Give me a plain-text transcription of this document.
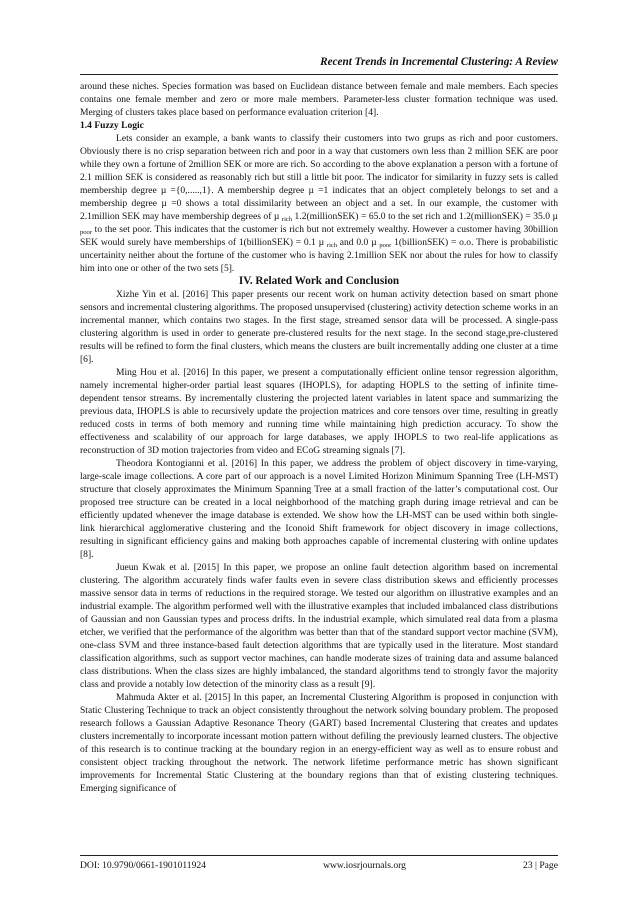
Recent Trends in Incremental Clustering: A Review

around these niches. Species formation was based on Euclidean distance between female and male members. Each species contains one female member and zero or more male members. Parameter-less cluster formation technique was used. Merging of clusters takes place based on performance evaluation criterion [4].

1.4 Fuzzy Logic

Lets consider an example, a bank wants to classify their customers into two grups as rich and poor customers. Obviously there is no crisp separation between rich and poor in a way that customers own less than 2 million SEK are poor while they own a fortune of 2million SEK or more are rich. So according to the above explanation a person with a fortune of 2.1 million SEK is considered as reasonably rich but still a little bit poor. The indicator for similarity in fuzzy sets is called membership degree µ ={0,.....,1}. A membership degree µ =1 indicates that an object completely belongs to set and a membership degree µ =0 shows a total dissimilarity between an object and a set. In our example, the customer with 2.1million SEK may have membership degrees of µ $_{rich}$ 1.2(millionSEK) = 65.0 to the set rich and 1.2(millionSEK) = 35.0 µ $_{poor}$ to the set poor. This indicates that the customer is rich but not extremely wealthy. However a customer having 30billion SEK would surely have memberships of 1(billionSEK) = 0.1 µ $_{rich}$ and 0.0 µ $_{poor}$ 1(billionSEK) = o.o. There is probabilistic uncertainity neither about the fortune of the customer who is having 2.1million SEK nor about the rules for how to classify him into one or other of the two sets [5].

IV. Related Work and Conclusion

Xizhe Yin et al. [2016] This paper presents our recent work on human activity detection based on smart phone sensors and incremental clustering algorithms. The proposed unsupervised (clustering) activity detection scheme works in an incremental manner, which contains two stages. In the first stage, streamed sensor data will be processed. A single-pass clustering algorithm is used in order to generate pre-clustered results for the next stage. In the second stage,pre-clustered results will be refined to form the final clusters, which means the clusters are built incrementally adding one cluster at a time [6].

Ming Hou et al. [2016] In this paper, we present a computationally efficient online tensor regression algorithm, namely incremental higher-order partial least squares (IHOPLS), for adapting HOPLS to the setting of infinite time-dependent tensor streams. By incrementally clustering the projected latent variables in latent space and summarizing the previous data, IHOPLS is able to recursively update the projection matrices and core tensors over time, resulting in greatly reduced costs in terms of both memory and running time while maintaining high prediction accuracy. To show the effectiveness and scalability of our approach for large databases, we apply IHOPLS to two real-life applications as reconstruction of 3D motion trajectories from video and ECoG streaming signals [7].

Theodora Kontogianni et al. [2016] In this paper, we address the problem of object discovery in time-varying, large-scale image collections. A core part of our approach is a novel Limited Horizon Minimum Spanning Tree (LH-MST) structure that closely approximates the Minimum Spanning Tree at a small fraction of the latter’s computational cost. Our proposed tree structure can be created in a local neighborhood of the matching graph during image retrieval and can be efficiently updated whenever the image database is extended. We show how the LH-MST can be used within both single-link hierarchical agglomerative clustering and the Iconoid Shift framework for object discovery in image collections, resulting in significant efficiency gains and making both approaches capable of incremental clustering with online updates [8].

Jueun Kwak et al. [2015] In this paper, we propose an online fault detection algorithm based on incremental clustering. The algorithm accurately finds wafer faults even in severe class distribution skews and efficiently processes massive sensor data in terms of reductions in the required storage. We tested our algorithm on illustrative examples and an industrial example. The algorithm performed well with the illustrative examples that included imbalanced class distributions of Gaussian and non Gaussian types and process drifts. In the industrial example, which simulated real data from a plasma etcher, we verified that the performance of the algorithm was better than that of the standard support vector machine (SVM), one-class SVM and three instance-based fault detection algorithms that are typically used in the literature. Most standard classification algorithms, such as support vector machines, can handle moderate sizes of training data and assume balanced class distributions. When the class sizes are highly imbalanced, the standard algorithms tend to strongly favor the majority class and provide a notably low detection of the minority class as a result [9].

Mahmuda Akter et al. [2015] In this paper, an Incremental Clustering Algorithm is proposed in conjunction with Static Clustering Technique to track an object consistently throughout the network solving boundary problem. The proposed research follows a Gaussian Adaptive Resonance Theory (GART) based Incremental Clustering that creates and updates clusters incrementally to incorporate incessant motion pattern without defiling the previously learned clusters. The objective of this research is to continue tracking at the boundary region in an energy-efficient way as well as to ensure robust and consistent object tracking throughout the network. The network lifetime performance metric has shown significant improvements for Incremental Static Clustering at the boundary regions than that of existing clustering techniques. Emerging significance of

DOI: 10.9790/0661-1901011924	www.iosrjournals.org	23 | Page
